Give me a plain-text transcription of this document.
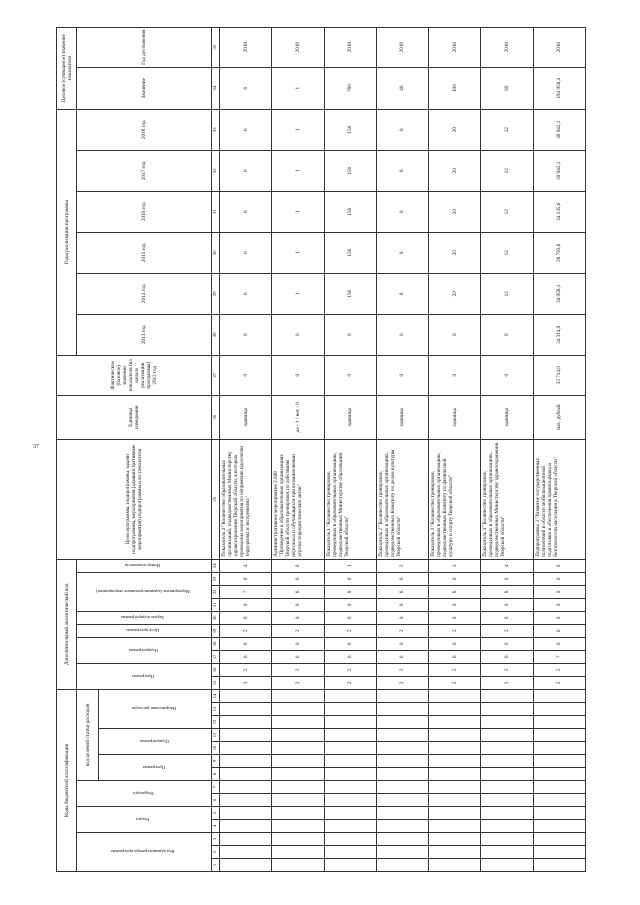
37
Коды бюджетной классификации														Дополнительный аналитический код										Цели программы, подпрограммы, задачи подпрограммы, мероприятия (административные мероприятия) подпрограммы и их показатели	Единица измерения	Фактическое (базовое) значение показателя (на начало реализации программы) 2012 год	Годы реализации программы						Целевое (суммарное) значение показателя	
Код администратора программы			Раздел		Подраздел		код целевой статьи расходов							Программа		Подпрограмма		Цель программы	Задача подпрограммы	Мероприятие (административное мероприятие)			Номер показателя				2013 год	2014 год	2015 год	2016 год	2017 год	2018 год	Значение	Год достижения
							Программа		Подпрограмма		Направление расходов																							
1	2	3	4	5	6	7	8	9	10	11	12	13	14	15	16	17	18	19	20	21	22	23	24	25	26	27	28	29	30	31	32	33	34	35
														3	2	6	0	2	0	0	7	0	4	Показатель 4 "Количество образовательных организаций, подведомственных Министерству здравоохранения Тверской области, в которых проведены мероприятия по неприятию идеологии терроризма и экстремизма"	единица	0	0	6	6	6	6	6	6	2018
														2	2	6	0	2	0	0	8	0	0	Административное мероприятие 2.008 "Проведение в образовательных организациях Тверской области тренировок по действиям персонала и обучающихся при возникновении угрозы террористических актов"	да - 1 / нет - 0	0	0	1	1	1	1	1	1	2018
														2	2	6	0	2	0	0	8	0	1	Показатель 1 "Количество тренировок, проведенных в образовательных организациях, подведомственных Министерству образования Тверской области"	единица	0	0	156	156	156	156	156	780	2018
														2	2	6	0	2	0	0	8	0	2	Показатель 2 "Количество тренировок, проведенных в образовательных организациях, подведомственных Комитету по делам культуры Тверской области"	единица	0	0	8	8	8	8	8	40	2018
														2	2	6	0	2	0	0	8	0	3	Показатель 3 "Количество тренировок, проведенных в образовательных организациях, подведомственных Комитету по физической культуре и спорту Тверской области"	единица	0	0	20	20	20	20	20	100	2018
														2	2	6	0	2	0	0	8	0	4	Показатель 4 "Количество тренировок, проведенных в образовательных организациях, подведомственных Министерству здравоохранения Тверской области"	единица	0	0	12	12	12	12	12	60	2018
														2	2	7	0	0	0	0	0	0	0	Подпрограмма 3 "Развитие государственных полномочий в области мобилизационной подготовки и обеспечения правопорядка и безопасности населения в Тверской области"	тыс. рублей	33 714,0	34 314,9	34 958,1	28 793,6	34 135,6	30 942,1	30 942,1	194 058,4	2018
